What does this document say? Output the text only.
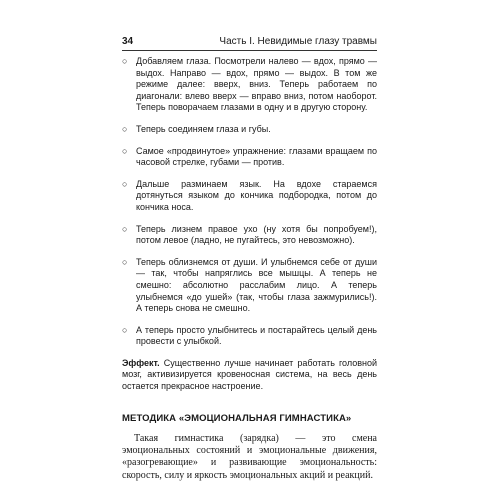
34	Часть I. Невидимые глазу травмы
○ Добавляем глаза. Посмотрели налево — вдох, прямо — выдох. Направо — вдох, прямо — выдох. В том же режиме далее: вверх, вниз. Теперь работаем по диагонали: влево вверх — вправо вниз, потом наоборот. Теперь поворачаем глазами в одну и в другую сторону.
○ Теперь соединяем глаза и губы.
○ Самое «продвинутое» упражнение: глазами вращаем по часовой стрелке, губами — против.
○ Дальше разминаем язык. На вдохе стараемся дотянуться языком до кончика подбородка, потом до кончика носа.
○ Теперь лизнем правое ухо (ну хотя бы попробуем!), потом левое (ладно, не пугайтесь, это невозможно).
○ Теперь облизнемся от души. И улыбнемся себе от души — так, чтобы напряглись все мышцы. А теперь не смешно: абсолютно расслабим лицо. А теперь улыбнемся «до ушей» (так, чтобы глаза зажмурились!). А теперь снова не смешно.
○ А теперь просто улыбнитесь и постарайтесь целый день провести с улыбкой.
Эффект. Существенно лучше начинает работать головной мозг, активизируется кровеносная система, на весь день остается прекрасное настроение.
МЕТОДИКА «ЭМОЦИОНАЛЬНАЯ ГИМНАСТИКА»
Такая гимнастика (зарядка) — это смена эмоциональных состояний и эмоциональные движения, «разогревающие» и развивающие эмоциональность: скорость, силу и яркость эмоциональных акций и реакций.
